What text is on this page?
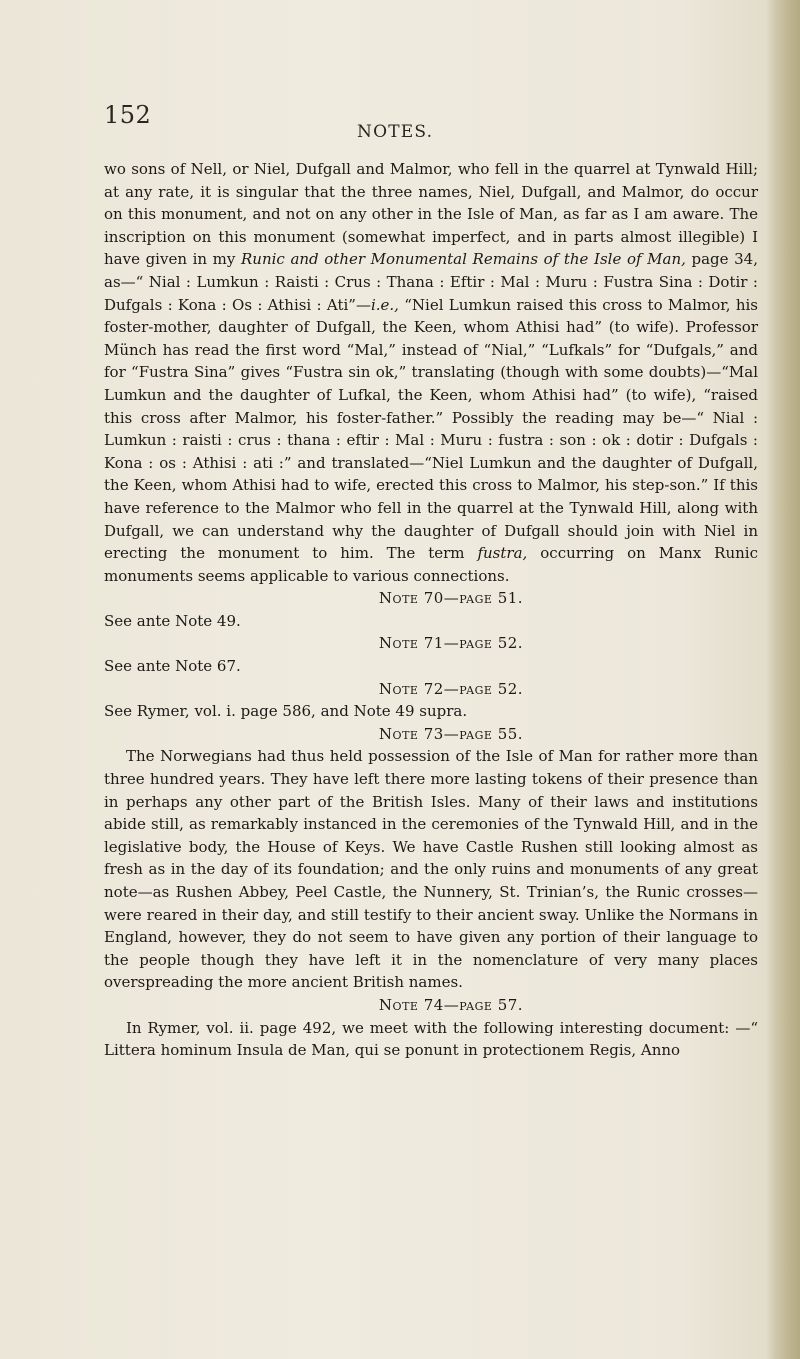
152
NOTES.

wo sons of Nell, or Niel, Dufgall and Malmor, who fell in the quarrel at Tynwald Hill; at any rate, it is singular that the three names, Niel, Dufgall, and Malmor, do occur on this monument, and not on any other in the Isle of Man, as far as I am aware. The inscription on this monument (somewhat imperfect, and in parts almost illegible) I have given in my Runic and other Monumental Remains of the Isle of Man, page 34, as—“ Nial : Lumkun : Raisti : Crus : Thana : Eftir : Mal : Muru : Fustra Sina : Dotir : Dufgals : Kona : Os : Athisi : Ati”—i.e., “Niel Lumkun raised this cross to Malmor, his foster-mother, daughter of Dufgall, the Keen, whom Athisi had” (to wife). Professor Münch has read the first word “Mal,” instead of “Nial,” “Lufkals” for “Dufgals,” and for “Fustra Sina” gives “Fustra sin ok,” translating (though with some doubts)—“Mal Lumkun and the daughter of Lufkal, the Keen, whom Athisi had” (to wife), “raised this cross after Malmor, his foster-father.” Possibly the reading may be—“ Nial : Lumkun : raisti : crus : thana : eftir : Mal : Muru : fustra : son : ok : dotir : Dufgals : Kona : os : Athisi : ati :” and translated—“Niel Lumkun and the daughter of Dufgall, the Keen, whom Athisi had to wife, erected this cross to Malmor, his step-son.” If this have reference to the Malmor who fell in the quarrel at the Tynwald Hill, along with Dufgall, we can understand why the daughter of Dufgall should join with Niel in erecting the monument to him. The term fustra, occurring on Manx Runic monuments seems applicable to various connections.

Note 70—page 51.

See ante Note 49.

Note 71—page 52.

See ante Note 67.

Note 72—page 52.

See Rymer, vol. i. page 586, and Note 49 supra.

Note 73—page 55.

The Norwegians had thus held possession of the Isle of Man for rather more than three hundred years. They have left there more lasting tokens of their presence than in perhaps any other part of the British Isles. Many of their laws and institutions abide still, as remarkably instanced in the ceremonies of the Tynwald Hill, and in the legislative body, the House of Keys. We have Castle Rushen still looking almost as fresh as in the day of its foundation; and the only ruins and monuments of any great note—as Rushen Abbey, Peel Castle, the Nunnery, St. Trinian’s, the Runic crosses—were reared in their day, and still testify to their ancient sway. Unlike the Normans in England, however, they do not seem to have given any portion of their language to the people though they have left it in the nomenclature of very many places overspreading the more ancient British names.

Note 74—page 57.

In Rymer, vol. ii. page 492, we meet with the following interesting document: —“ Littera hominum Insula de Man, qui se ponunt in protectionem Regis, Anno
